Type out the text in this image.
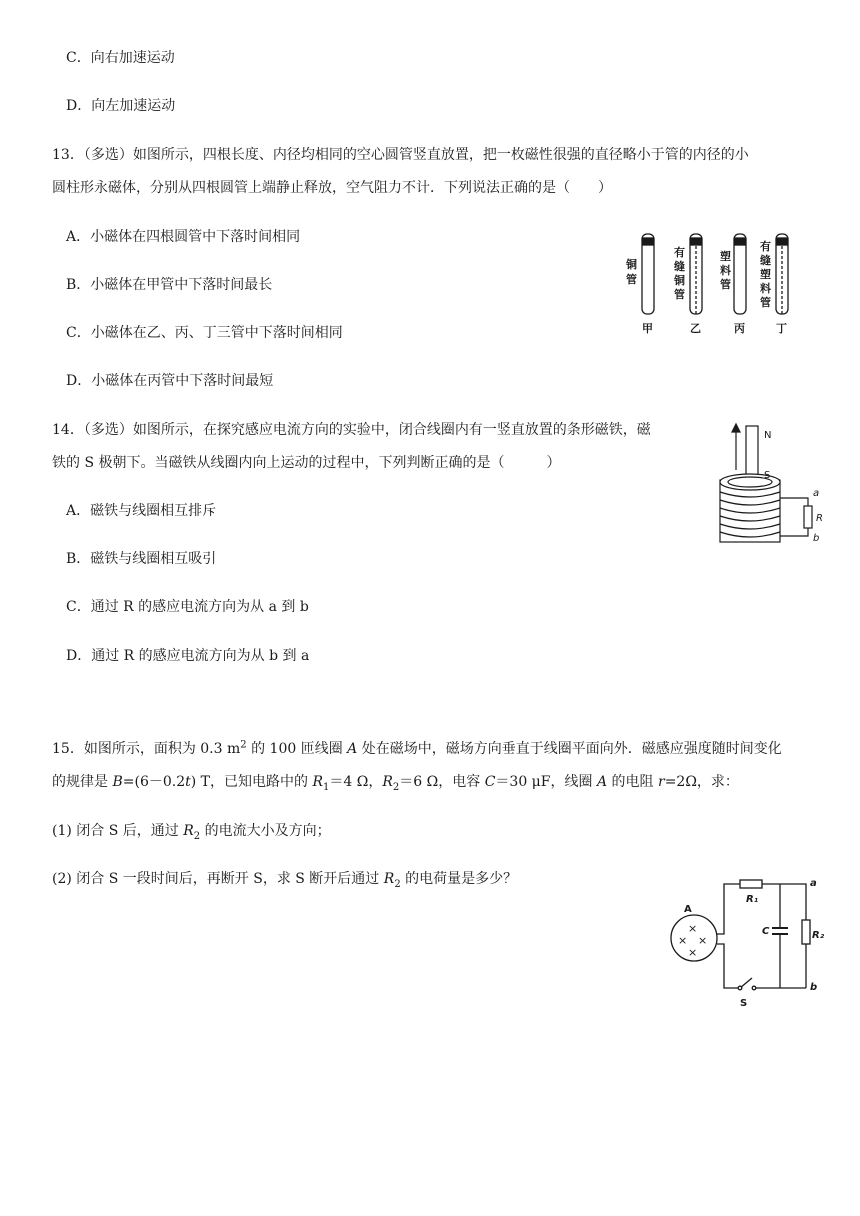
C．向右加速运动
D．向左加速运动
13．（多选）如图所示，四根长度、内径均相同的空心圆管竖直放置，把一枚磁性很强的直径略小于管的内径的小
圆柱形永磁体，分别从四根圆管上端静止释放，空气阻力不计．下列说法正确的是（　　）
A．小磁体在四根圆管中下落时间相同
B．小磁体在甲管中下落时间最长
C．小磁体在乙、丙、丁三管中下落时间相同
D．小磁体在丙管中下落时间最短
铜
管
有
缝
铜
管
塑
料
管
有
缝
塑
料
管
甲	乙	丙	丁
14．（多选）如图所示，在探究感应电流方向的实验中，闭合线圈内有一竖直放置的条形磁铁，磁
铁的 S 极朝下。当磁铁从线圈内向上运动的过程中，下列判断正确的是（　　　）
A．磁铁与线圈相互排斥
B．磁铁与线圈相互吸引
C．通过 R 的感应电流方向为从 a 到 b
D．通过 R 的感应电流方向为从 b 到 a
N
S
a
R
b
15．如图所示，面积为 0.3 $m^2$ 的 100 匝线圈 A 处在磁场中，磁场方向垂直于线圈平面向外．磁感应强度随时间变化
的规律是 B=(6－0.2t) T，已知电路中的 $R_1=4$ Ω，$R_2=6$ Ω，电容 C＝30 μF，线圈 A 的电阻 r=2Ω，求：
(1) 闭合 S 后，通过 $R_2$ 的电流大小及方向；
(2) 闭合 S 一段时间后，再断开 S，求 S 断开后通过 $R_2$ 的电荷量是多少？
A
R₁
C	R₂
a
b
S
×
× ×
×
